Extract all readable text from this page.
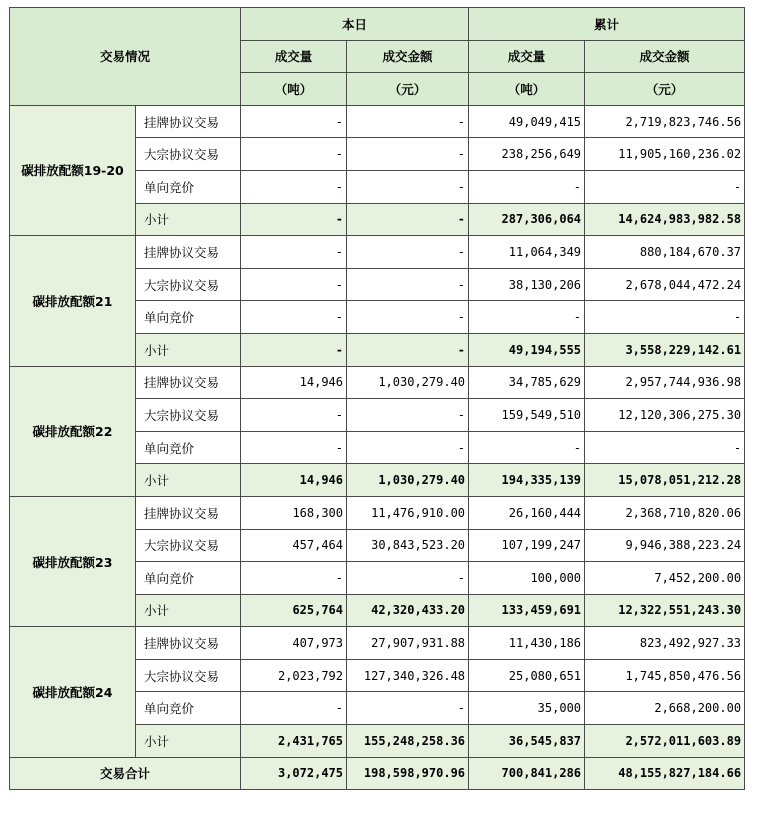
交易情况		本日		累计	
		成交量	成交金额	成交量	成交金额
		（吨）	（元）	（吨）	（元）
碳排放配额19-20	挂牌协议交易	-	-	49,049,415	2,719,823,746.56
	大宗协议交易	-	-	238,256,649	11,905,160,236.02
	单向竞价	-	-	-	-
	小计	-	-	287,306,064	14,624,983,982.58
碳排放配额21	挂牌协议交易	-	-	11,064,349	880,184,670.37
	大宗协议交易	-	-	38,130,206	2,678,044,472.24
	单向竞价	-	-	-	-
	小计	-	-	49,194,555	3,558,229,142.61
碳排放配额22	挂牌协议交易	14,946	1,030,279.40	34,785,629	2,957,744,936.98
	大宗协议交易	-	-	159,549,510	12,120,306,275.30
	单向竞价	-	-	-	-
	小计	14,946	1,030,279.40	194,335,139	15,078,051,212.28
碳排放配额23	挂牌协议交易	168,300	11,476,910.00	26,160,444	2,368,710,820.06
	大宗协议交易	457,464	30,843,523.20	107,199,247	9,946,388,223.24
	单向竞价	-	-	100,000	7,452,200.00
	小计	625,764	42,320,433.20	133,459,691	12,322,551,243.30
碳排放配额24	挂牌协议交易	407,973	27,907,931.88	11,430,186	823,492,927.33
	大宗协议交易	2,023,792	127,340,326.48	25,080,651	1,745,850,476.56
	单向竞价	-	-	35,000	2,668,200.00
	小计	2,431,765	155,248,258.36	36,545,837	2,572,011,603.89
交易合计		3,072,475	198,598,970.96	700,841,286	48,155,827,184.66
